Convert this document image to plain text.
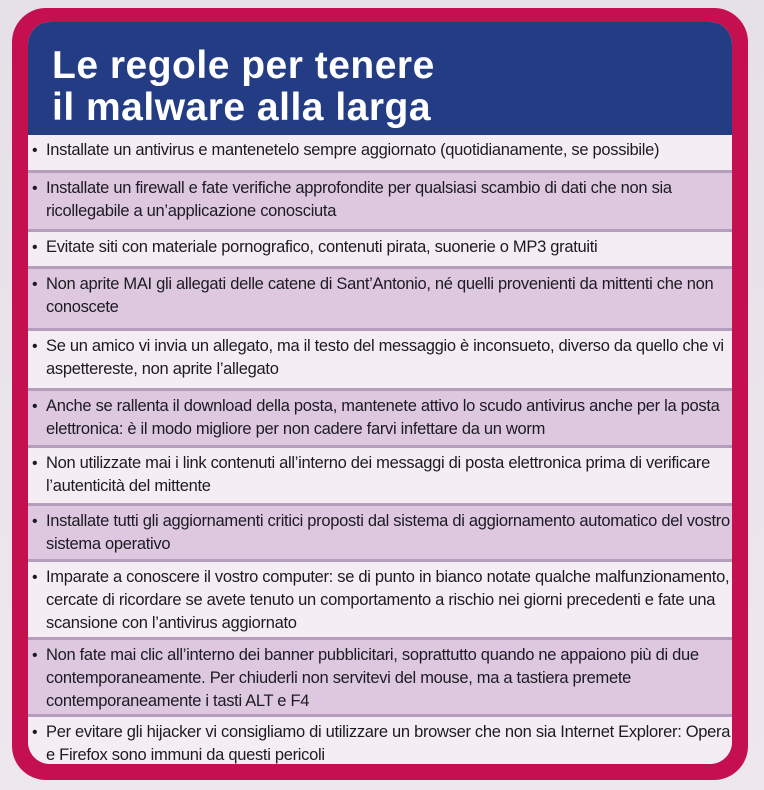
Le regole per tenere
il malware alla larga
• Installate un antivirus e mantenetelo sempre aggiornato (quotidianamente, se possibile)
• Installate un firewall e fate verifiche approfondite per qualsiasi scambio di dati che non sia ricollegabile a un’applicazione conosciuta
• Evitate siti con materiale pornografico, contenuti pirata, suonerie o MP3 gratuiti
• Non aprite MAI gli allegati delle catene di Sant’Antonio, né quelli provenienti da mittenti che non conoscete
• Se un amico vi invia un allegato, ma il testo del messaggio è inconsueto, diverso da quello che vi aspettereste, non aprite l’allegato
• Anche se rallenta il download della posta, mantenete attivo lo scudo antivirus anche per la posta elettronica: è il modo migliore per non cadere farvi infettare da un worm
• Non utilizzate mai i link contenuti all’interno dei messaggi di posta elettronica prima di verificare l’autenticità del mittente
• Installate tutti gli aggiornamenti critici proposti dal sistema di aggiornamento automatico del vostro sistema operativo
• Imparate a conoscere il vostro computer: se di punto in bianco notate qualche malfunzionamento, cercate di ricordare se avete tenuto un comportamento a rischio nei giorni precedenti e fate una scansione con l’antivirus aggiornato
• Non fate mai clic all’interno dei banner pubblicitari, soprattutto quando ne appaiono più di due contemporaneamente. Per chiuderli non servitevi del mouse, ma a tastiera premete contemporaneamente i tasti ALT e F4
• Per evitare gli hijacker vi consigliamo di utilizzare un browser che non sia Internet Explorer: Opera e Firefox sono immuni da questi pericoli
